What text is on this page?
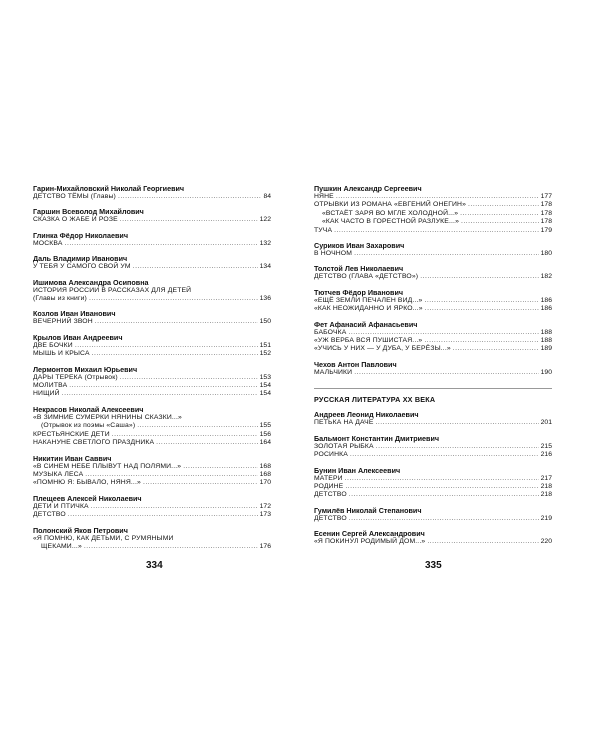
Гарин-Михайловский Николай Георгиевич
ДЕТСТВО ТЁМЫ (Главы) .....	84
Гаршин Всеволод Михайлович
СКАЗКА О ЖАБЕ И РОЗЕ .....	122
Глинка Фёдор Николаевич
МОСКВА .....	132
Даль Владимир Иванович
У ТЕБЯ У САМОГО СВОЙ УМ .....	134
Ишимова Александра Осиповна
ИСТОРИЯ РОССИИ В РАССКАЗАХ ДЛЯ ДЕТЕЙ
(Главы из книги) .....	136
Козлов Иван Иванович
ВЕЧЕРНИЙ ЗВОН .....	150
Крылов Иван Андреевич
ДВЕ БОЧКИ .....	151
МЫШЬ И КРЫСА .....	152
Лермонтов Михаил Юрьевич
ДАРЫ ТЕРЕКА (Отрывок) .....	153
МОЛИТВА .....	154
НИЩИЙ .....	154
Некрасов Николай Алексеевич
«В ЗИМНИЕ СУМЕРКИ НЯНИНЫ СКАЗКИ...»
(Отрывок из поэмы «Саша») .....	155
КРЕСТЬЯНСКИЕ ДЕТИ .....	156
НАКАНУНЕ СВЕТЛОГО ПРАЗДНИКА .....	164
Никитин Иван Саввич
«В СИНЕМ НЕБЕ ПЛЫВУТ НАД ПОЛЯМИ...» .....	168
МУЗЫКА ЛЕСА .....	168
«ПОМНЮ Я: БЫВАЛО, НЯНЯ...» .....	170
Плещеев Алексей Николаевич
ДЕТИ И ПТИЧКА .....	172
ДЕТСТВО .....	173
Полонский Яков Петрович
«Я ПОМНЮ, КАК ДЕТЬМИ, С РУМЯНЫМИ
ЩЕКАМИ...» .....	176
Пушкин Александр Сергеевич
НЯНЕ .....	177
ОТРЫВКИ ИЗ РОМАНА «ЕВГЕНИЙ ОНЕГИН» .....	178
«ВСТАЁТ ЗАРЯ ВО МГЛЕ ХОЛОДНОЙ...» .....	178
«КАК ЧАСТО В ГОРЕСТНОЙ РАЗЛУКЕ...» .....	178
ТУЧА .....	179
Суриков Иван Захарович
В НОЧНОМ .....	180
Толстой Лев Николаевич
ДЕТСТВО (ГЛАВА «ДЕТСТВО») .....	182
Тютчев Фёдор Иванович
«ЕЩЁ ЗЕМЛИ ПЕЧАЛЕН ВИД...» .....	186
«КАК НЕОЖИДАННО И ЯРКО...» .....	186
Фет Афанасий Афанасьевич
БАБОЧКА .....	188
«УЖ ВЕРБА ВСЯ ПУШИСТАЯ...» .....	188
«УЧИСЬ У НИХ — У ДУБА, У БЕРЁЗЫ...» .....	189
Чехов Антон Павлович
МАЛЬЧИКИ .....	190
РУССКАЯ ЛИТЕРАТУРА XX ВЕКА
Андреев Леонид Николаевич
ПЕТЬКА НА ДАЧЕ .....	201
Бальмонт Константин Дмитриевич
ЗОЛОТАЯ РЫБКА .....	215
РОСИНКА .....	216
Бунин Иван Алексеевич
МАТЕРИ .....	217
РОДИНЕ .....	218
ДЕТСТВО .....	218
Гумилёв Николай Степанович
ДЕТСТВО .....	219
Есенин Сергей Александрович
«Я ПОКИНУЛ РОДИМЫЙ ДОМ...» .....	220
334	335
